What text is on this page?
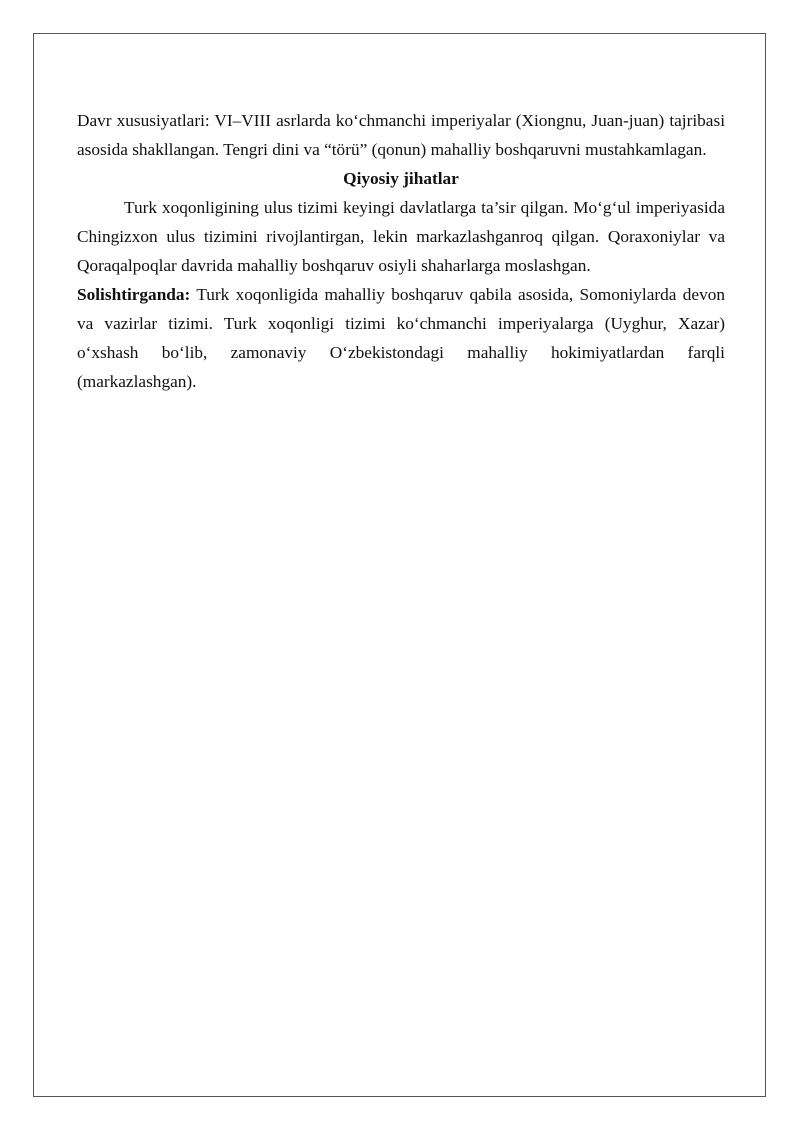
Davr xususiyatlari: VI–VIII asrlarda ko‘chmanchi imperiyalar (Xiongnu, Juan-juan) tajribasi asosida shakllangan. Tengri dini va “törü” (qonun) mahalliy boshqaruvni mustahkamlagan.

Qiyosiy jihatlar

Turk xoqonligining ulus tizimi keyingi davlatlarga ta’sir qilgan. Mo‘g‘ul imperiyasida Chingizxon ulus tizimini rivojlantirgan, lekin markazlashganroq qilgan. Qoraxoniylar va Qoraqalpoqlar davrida mahalliy boshqaruv osiyli shaharlarga moslashgan.

Solishtirganda: Turk xoqonligida mahalliy boshqaruv qabila asosida, Somoniylarda devon va vazirlar tizimi. Turk xoqonligi tizimi ko‘chmanchi imperiyalarga (Uyghur, Xazar) o‘xshash bo‘lib, zamonaviy O‘zbekistondagi mahalliy hokimiyatlardan farqli (markazlashgan).
